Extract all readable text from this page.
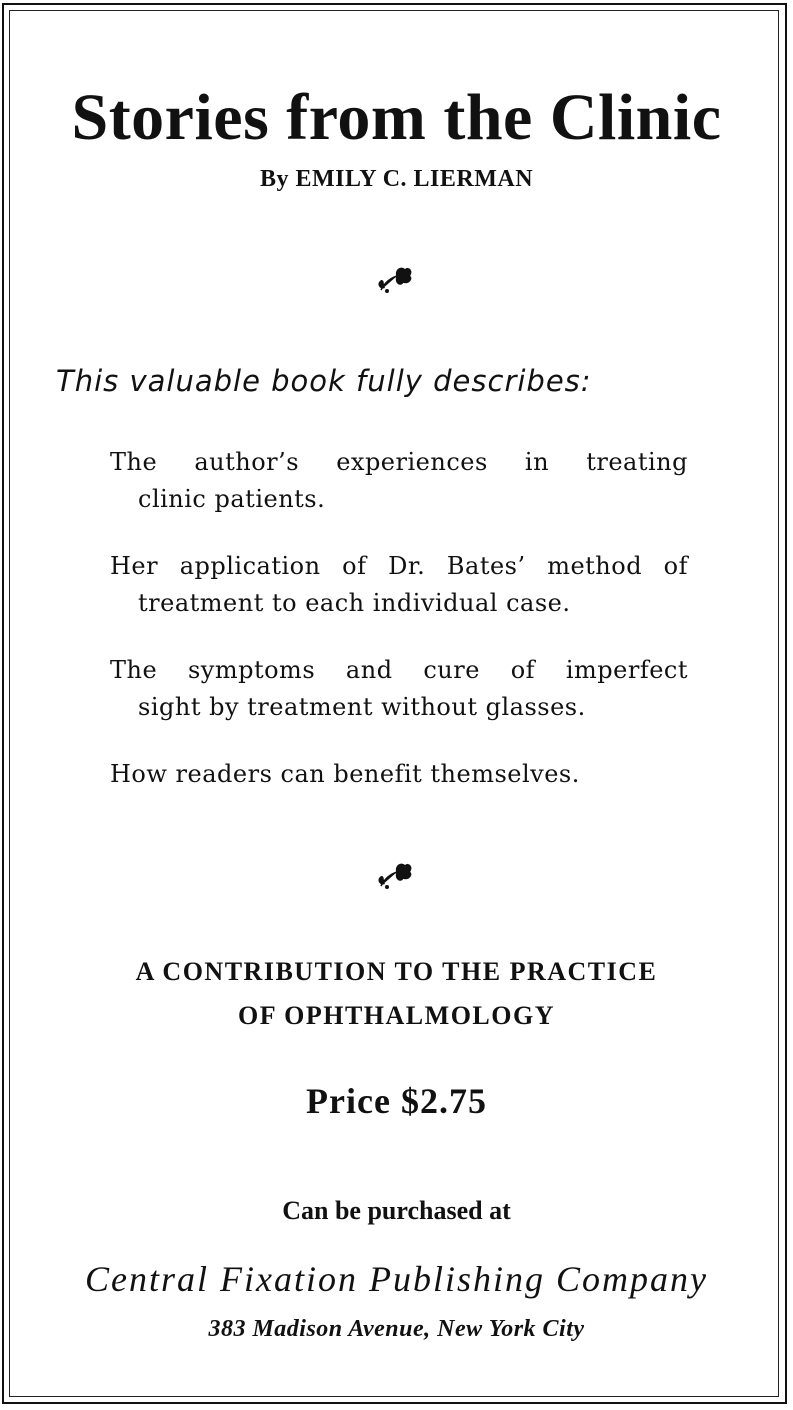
Stories from the Clinic
By EMILY C. LIERMAN
This valuable book fully describes:
The author’s experiences in treating
clinic patients.
Her application of Dr. Bates’ method of
treatment to each individual case.
The symptoms and cure of imperfect
sight by treatment without glasses.
How readers can benefit themselves.
A CONTRIBUTION TO THE PRACTICE
OF OPHTHALMOLOGY
Price $2.75
Can be purchased at
Central Fixation Publishing Company
383 Madison Avenue, New York City
